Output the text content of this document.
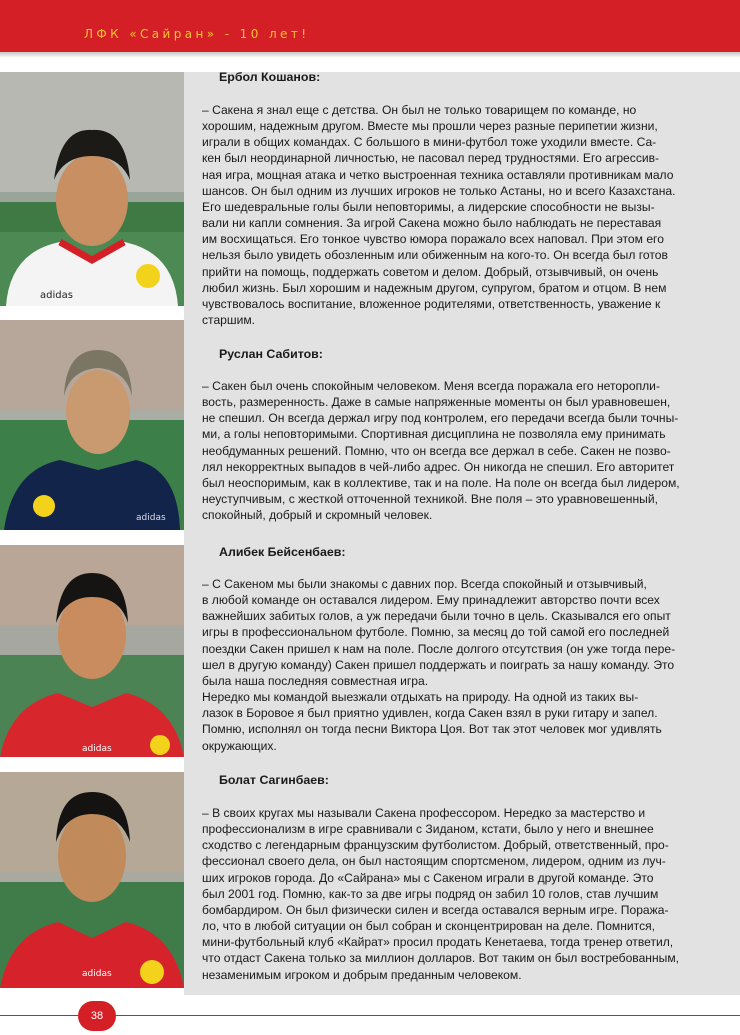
ЛФК «Сайран» - 10 лет!
adidas
adidas
adidas
adidas
Ербол Кошанов:

– Сакена я знал еще с детства. Он был не только товарищем по команде, но
хорошим, надежным другом. Вместе мы прошли через разные перипетии жизни,
играли в общих командах. С большого в мини-футбол тоже уходили вместе. Са-
кен был неординарной личностью, не пасовал перед трудностями. Его агрессив-
ная игра, мощная атака и четко выстроенная техника оставляли противникам мало
шансов. Он был одним из лучших игроков не только Астаны, но и всего Казахстана.
Его шедевральные голы были неповторимы, а лидерские способности не вызы-
вали ни капли сомнения. За игрой Сакена можно было наблюдать не переставая
им восхищаться. Его тонкое чувство юмора поражало всех наповал. При этом его
нельзя было увидеть обозленным или обиженным на кого-то. Он всегда был готов
прийти на помощь, поддержать советом и делом. Добрый, отзывчивый, он очень
любил жизнь. Был хорошим и надежным другом, супругом, братом и отцом. В нем
чувствовалось воспитание, вложенное родителями, ответственность, уважение к
старшим.

Руслан Сабитов:

– Сакен был очень спокойным человеком. Меня всегда поражала его неторопли-
вость, размеренность. Даже в самые напряженные моменты он был уравновешен,
не спешил. Он всегда держал игру под контролем, его передачи всегда были точны-
ми, а голы неповторимыми. Спортивная дисциплина не позволяла ему принимать
необдуманных решений. Помню, что он всегда все держал в себе. Сакен не позво-
лял некорректных выпадов в чей-либо адрес. Он никогда не спешил. Его авторитет
был неоспоримым, как в коллективе, так и на поле. На поле он всегда был лидером,
неуступчивым, с жесткой отточенной техникой. Вне поля – это уравновешенный,
спокойный, добрый и скромный человек.

Алибек Бейсенбаев:

– С Сакеном мы были знакомы с давних пор. Всегда спокойный и отзывчивый,
в любой команде он оставался лидером. Ему принадлежит авторство почти всех
важнейших забитых голов, а уж передачи были точно в цель. Сказывался его опыт
игры в профессиональном футболе. Помню, за месяц до той самой его последней
поездки Сакен пришел к нам на поле. После долгого отсутствия (он уже тогда пере-
шел в другую команду) Сакен пришел поддержать и поиграть за нашу команду. Это
была наша последняя совместная игра.
Нередко мы командой выезжали отдыхать на природу. На одной из таких вы-
лазок в Боровое я был приятно удивлен, когда Сакен взял в руки гитару и запел.
Помню, исполнял он тогда песни Виктора Цоя. Вот так этот человек мог удивлять
окружающих.

Болат Сагинбаев:

– В своих кругах мы называли Сакена профессором. Нередко за мастерство и
профессионализм в игре сравнивали с Зиданом, кстати, было у него и внешнее
сходство с легендарным французским футболистом. Добрый, ответственный, про-
фессионал своего дела, он был настоящим спортсменом, лидером, одним из луч-
ших игроков города. До «Сайрана» мы с Сакеном играли в другой команде. Это
был 2001 год. Помню, как-то за две игры подряд он забил 10 голов, став лучшим
бомбардиром. Он был физически силен и всегда оставался верным игре. Поража-
ло, что в любой ситуации он был собран и сконцентрирован на деле. Помнится,
мини-футбольный клуб «Кайрат» просил продать Кенетаева, тогда тренер ответил,
что отдаст Сакена только за миллион долларов. Вот таким он был востребованным,
незаменимым игроком и добрым преданным человеком.

38
